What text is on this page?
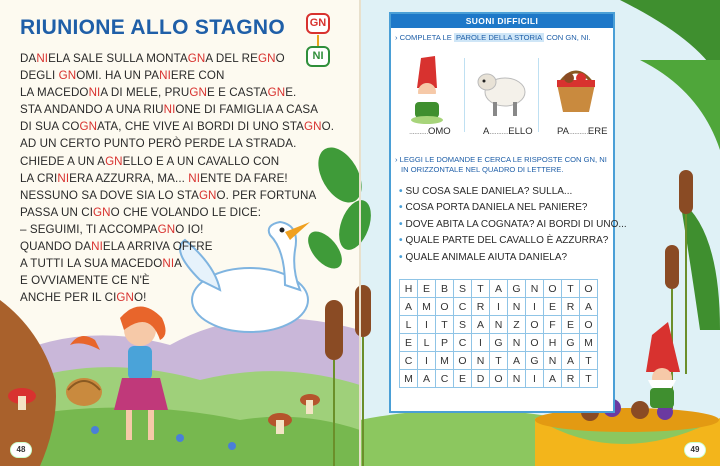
RIUNIONE ALLO STAGNO	GN
NI
DANIELA SALE SULLA MONTAGNA DEL REGNO
DEGLI GNOMI. HA UN PANIERE CON
LA MACEDONIA DI MELE, PRUGNE E CASTAGNE.
STA ANDANDO A UNA RIUNIONE DI FAMIGLIA A CASA
DI SUA COGNATA, CHE VIVE AI BORDI DI UNO STAGNO.
AD UN CERTO PUNTO PERÒ PERDE LA STRADA.
CHIEDE A UN AGNELLO E A UN CAVALLO CON
LA CRINIERA AZZURRA, MA... NIENTE DA FARE!
NESSUNO SA DOVE SIA LO STAGNO. PER FORTUNA
PASSA UN CIGNO CHE VOLANDO LE DICE:
– SEGUIMI, TI ACCOMPAGNO IO!
QUANDO DANIELA ARRIVA OFFRE
A TUTTI LA SUA MACEDONIA
E OVVIAMENTE CE N'È
ANCHE PER IL CIGNO!
SUONI DIFFICILI
› COMPLETA LE PAROLE DELLA STORIA CON GN, NI.
...........OMO	A...........ELLO	PA...........ERE
› LEGGI LE DOMANDE E CERCA LE RISPOSTE CON GN, NI
IN ORIZZONTALE NEL QUADRO DI LETTERE.
• SU COSA SALE DANIELA? SULLA...
• COSA PORTA DANIELA NEL PANIERE?
• DOVE ABITA LA COGNATA? AI BORDI DI UNO...
• QUALE PARTE DEL CAVALLO È AZZURRA?
• QUALE ANIMALE AIUTA DANIELA?
H	E	B	S	T	A	G	N	O	T	O
A	M	O	C	R	I	N	I	E	R	A
L	I	T	S	A	N	Z	O	F	E	O
E	L	P	C	I	G	N	O	H	G	M
C	I	M	O	N	T	A	G	N	A	T
M	A	C	E	D	O	N	I	A	R	T
48	49
